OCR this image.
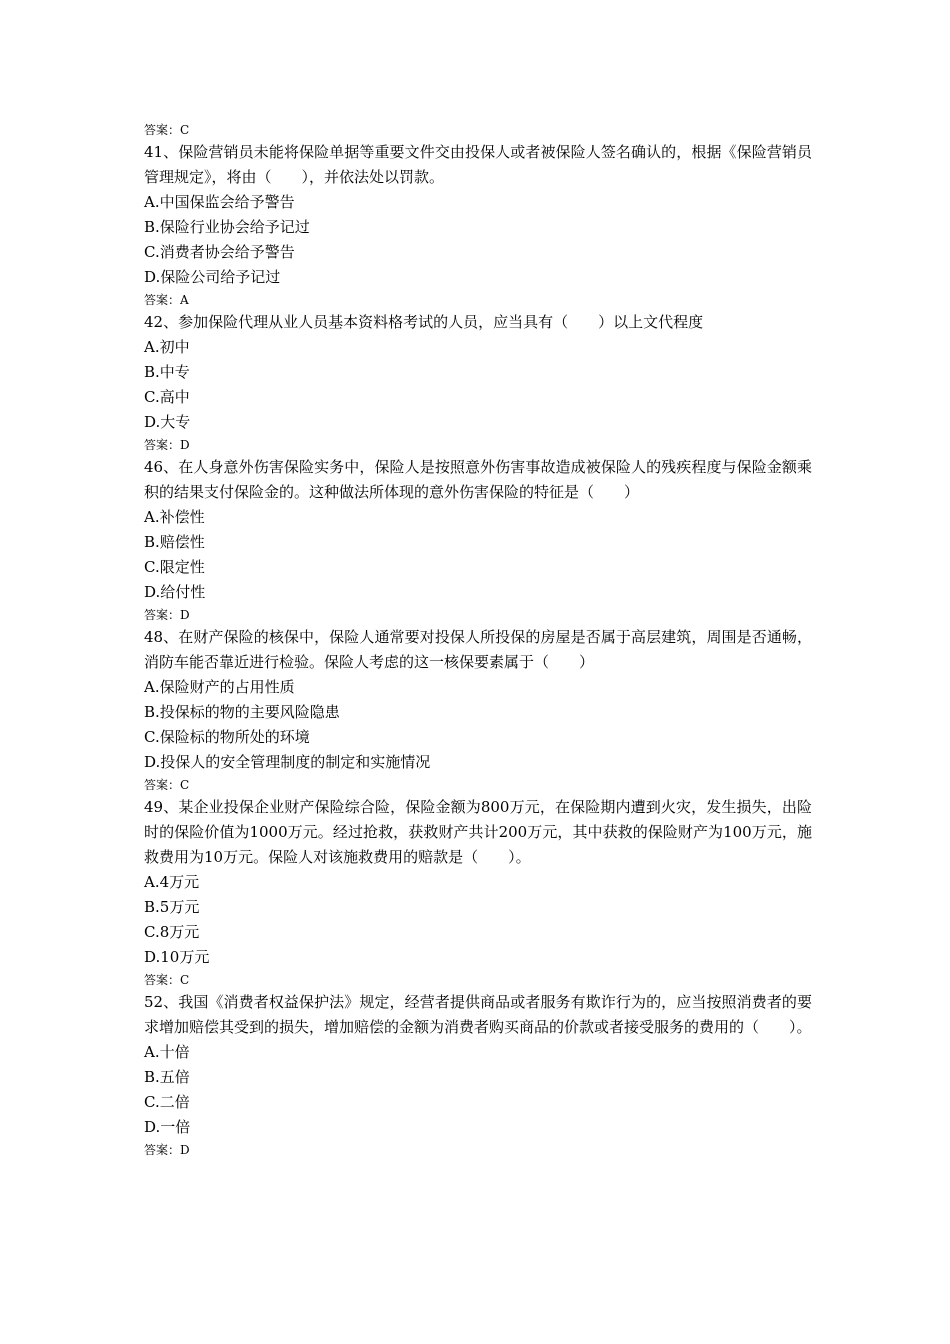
答案：C
41、保险营销员未能将保险单据等重要文件交由投保人或者被保险人签名确认的，根据《保险营销员管理规定》，将由（　　），并依法处以罚款。
A.中国保监会给予警告
B.保险行业协会给予记过
C.消费者协会给予警告
D.保险公司给予记过
答案：A
42、参加保险代理从业人员基本资料格考试的人员，应当具有（　　）以上文代程度
A.初中
B.中专
C.高中
D.大专
答案：D
46、在人身意外伤害保险实务中，保险人是按照意外伤害事故造成被保险人的残疾程度与保险金额乘积的结果支付保险金的。这种做法所体现的意外伤害保险的特征是（　　）
A.补偿性
B.赔偿性
C.限定性
D.给付性
答案：D
48、在财产保险的核保中，保险人通常要对投保人所投保的房屋是否属于高层建筑，周围是否通畅，消防车能否靠近进行检验。保险人考虑的这一核保要素属于（　　）
A.保险财产的占用性质
B.投保标的物的主要风险隐患
C.保险标的物所处的环境
D.投保人的安全管理制度的制定和实施情况
答案：C
49、某企业投保企业财产保险综合险，保险金额为800万元，在保险期内遭到火灾，发生损失，出险时的保险价值为1000万元。经过抢救，获救财产共计200万元，其中获救的保险财产为100万元，施救费用为10万元。保险人对该施救费用的赔款是（　　）。
A.4万元
B.5万元
C.8万元
D.10万元
答案：C
52、我国《消费者权益保护法》规定，经营者提供商品或者服务有欺诈行为的，应当按照消费者的要求增加赔偿其受到的损失，增加赔偿的金额为消费者购买商品的价款或者接受服务的费用的（　　）。
A.十倍
B.五倍
C.二倍
D.一倍
答案：D
